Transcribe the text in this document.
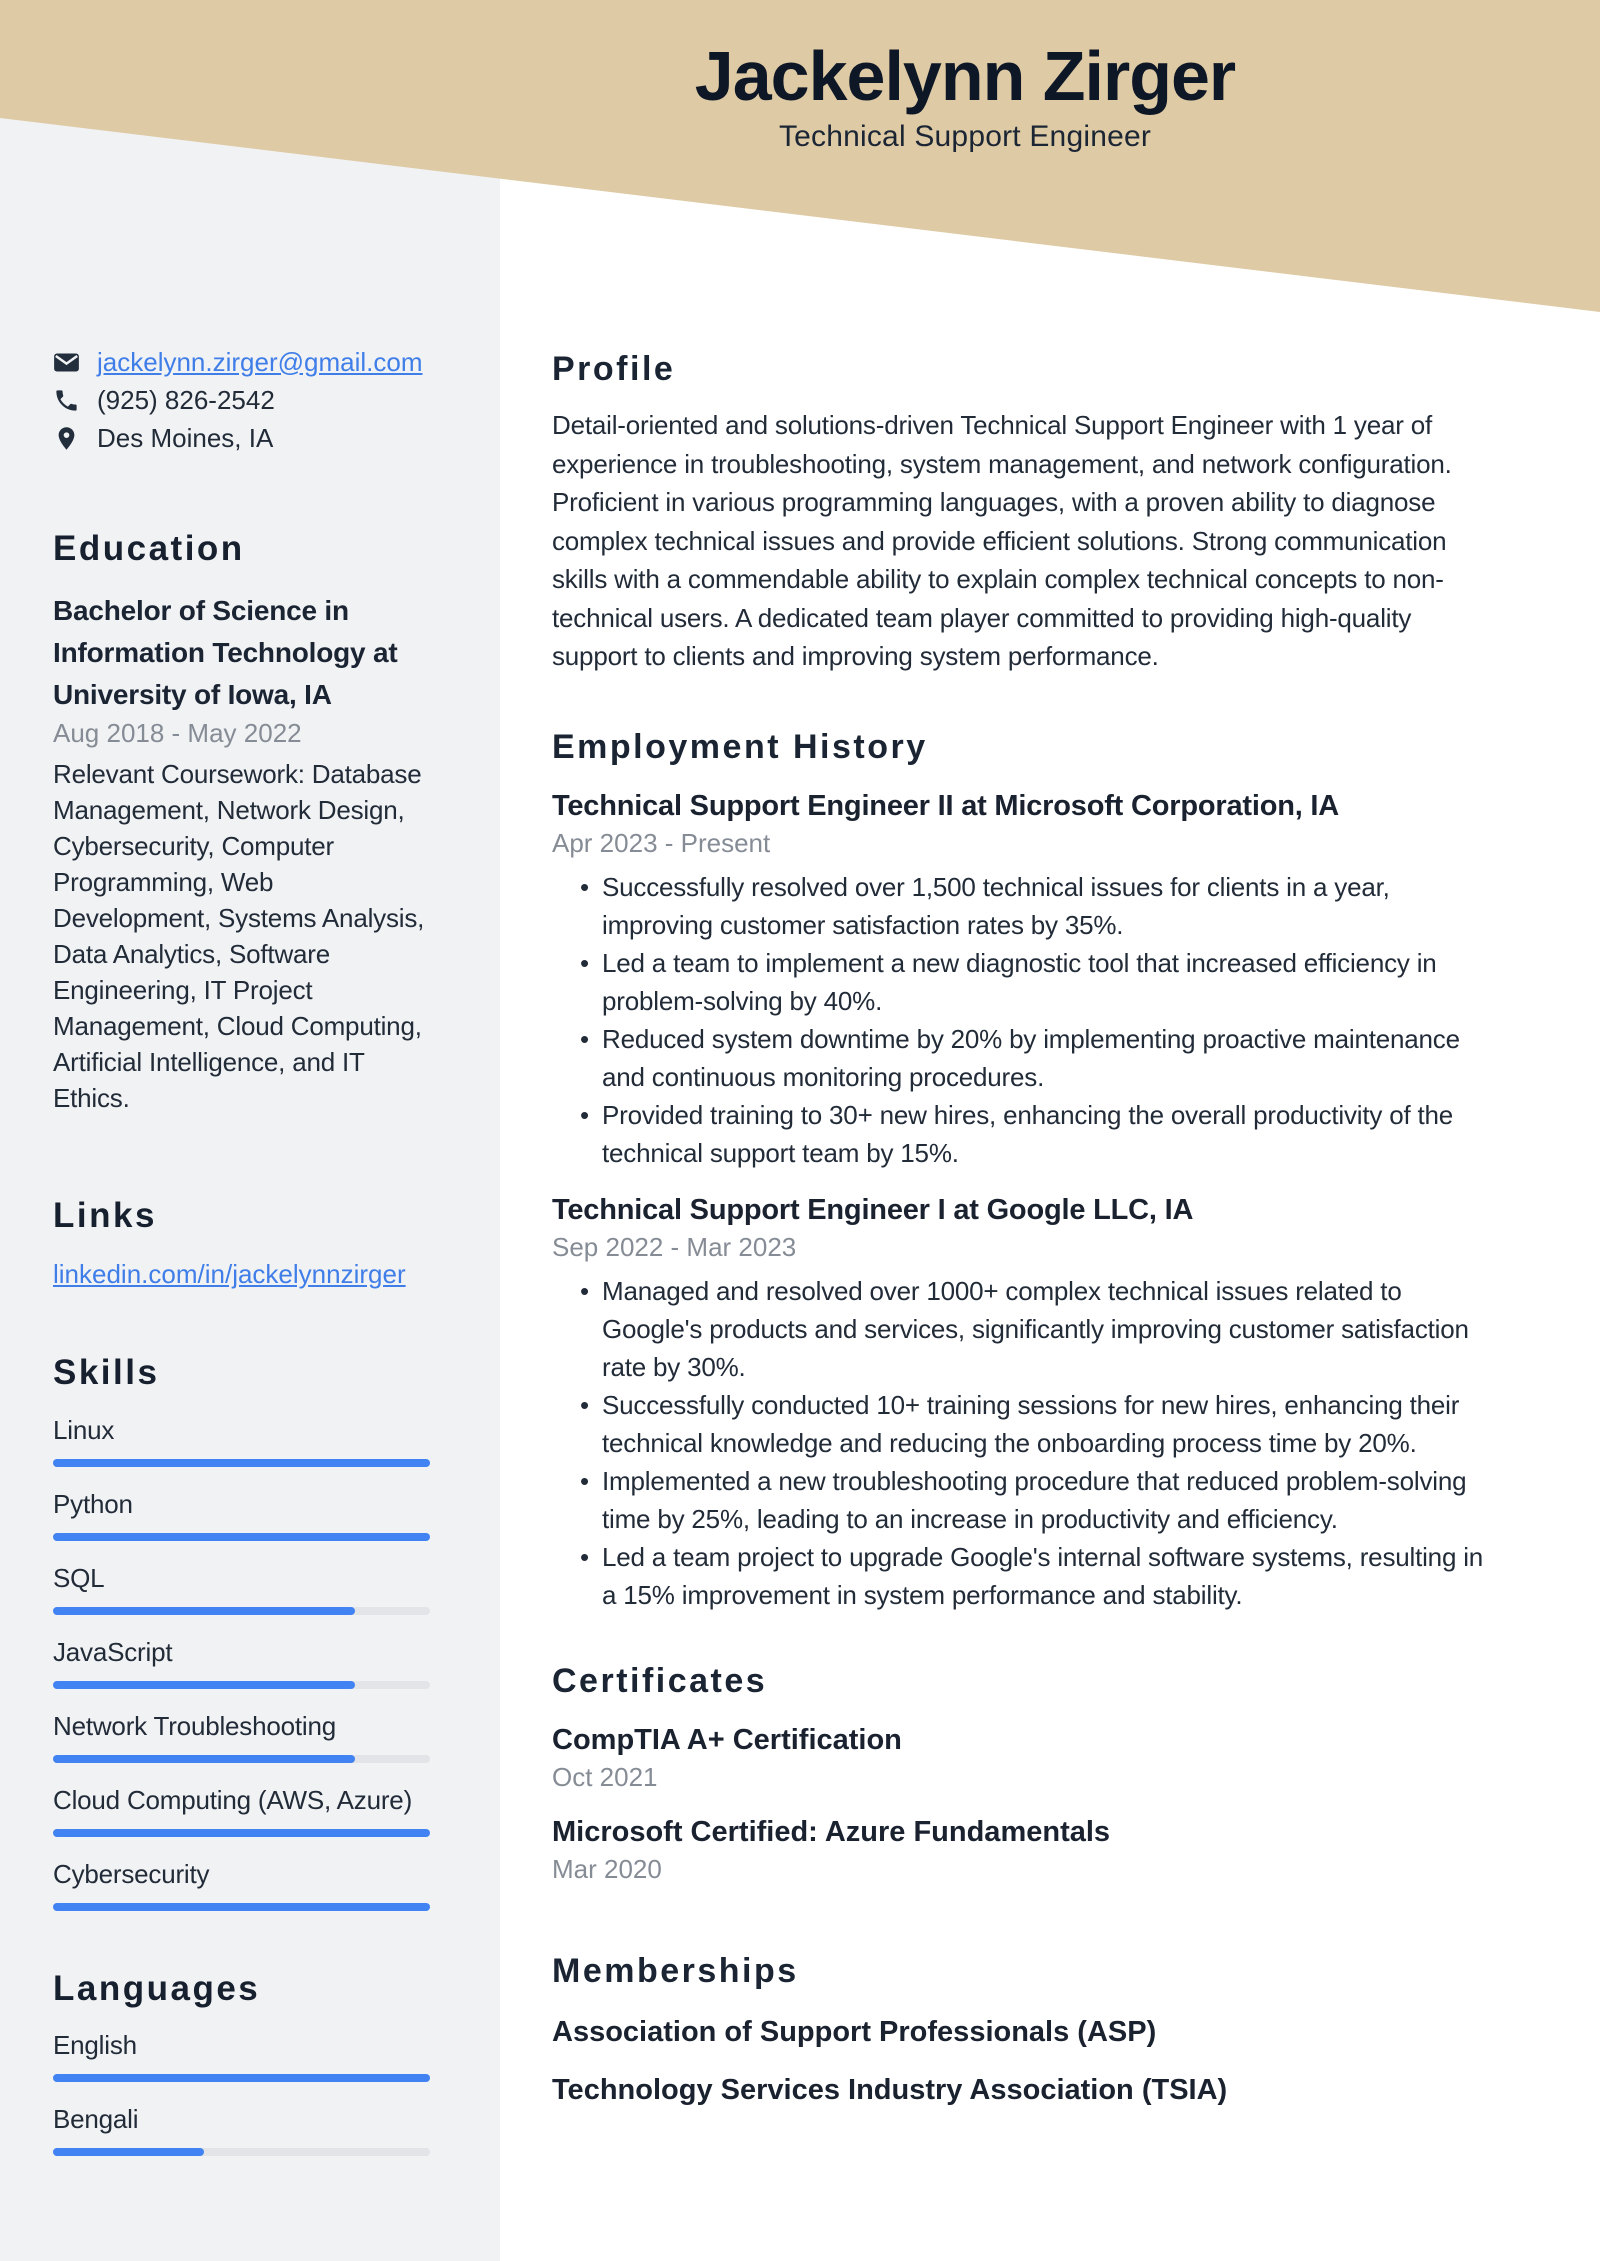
Jackelynn Zirger
Technical Support Engineer
jackelynn.zirger@gmail.com
(925) 826-2542
Des Moines, IA
Education
Bachelor of Science in Information Technology at University of Iowa, IA
Aug 2018 - May 2022
Relevant Coursework: Database Management, Network Design, Cybersecurity, Computer Programming, Web Development, Systems Analysis, Data Analytics, Software Engineering, IT Project Management, Cloud Computing, Artificial Intelligence, and IT Ethics.
Links
linkedin.com/in/jackelynnzirger
Skills
Linux
Python
SQL
JavaScript
Network Troubleshooting
Cloud Computing (AWS, Azure)
Cybersecurity
Languages
English
Bengali
Profile
Detail-oriented and solutions-driven Technical Support Engineer with 1 year of experience in troubleshooting, system management, and network configuration. Proficient in various programming languages, with a proven ability to diagnose complex technical issues and provide efficient solutions. Strong communication skills with a commendable ability to explain complex technical concepts to non-technical users. A dedicated team player committed to providing high-quality support to clients and improving system performance.
Employment History
Technical Support Engineer II at Microsoft Corporation, IA
Apr 2023 - Present
• Successfully resolved over 1,500 technical issues for clients in a year, improving customer satisfaction rates by 35%.
• Led a team to implement a new diagnostic tool that increased efficiency in problem-solving by 40%.
• Reduced system downtime by 20% by implementing proactive maintenance and continuous monitoring procedures.
• Provided training to 30+ new hires, enhancing the overall productivity of the technical support team by 15%.
Technical Support Engineer I at Google LLC, IA
Sep 2022 - Mar 2023
• Managed and resolved over 1000+ complex technical issues related to Google's products and services, significantly improving customer satisfaction rate by 30%.
• Successfully conducted 10+ training sessions for new hires, enhancing their technical knowledge and reducing the onboarding process time by 20%.
• Implemented a new troubleshooting procedure that reduced problem-solving time by 25%, leading to an increase in productivity and efficiency.
• Led a team project to upgrade Google's internal software systems, resulting in a 15% improvement in system performance and stability.
Certificates
CompTIA A+ Certification
Oct 2021
Microsoft Certified: Azure Fundamentals
Mar 2020
Memberships
Association of Support Professionals (ASP)
Technology Services Industry Association (TSIA)
